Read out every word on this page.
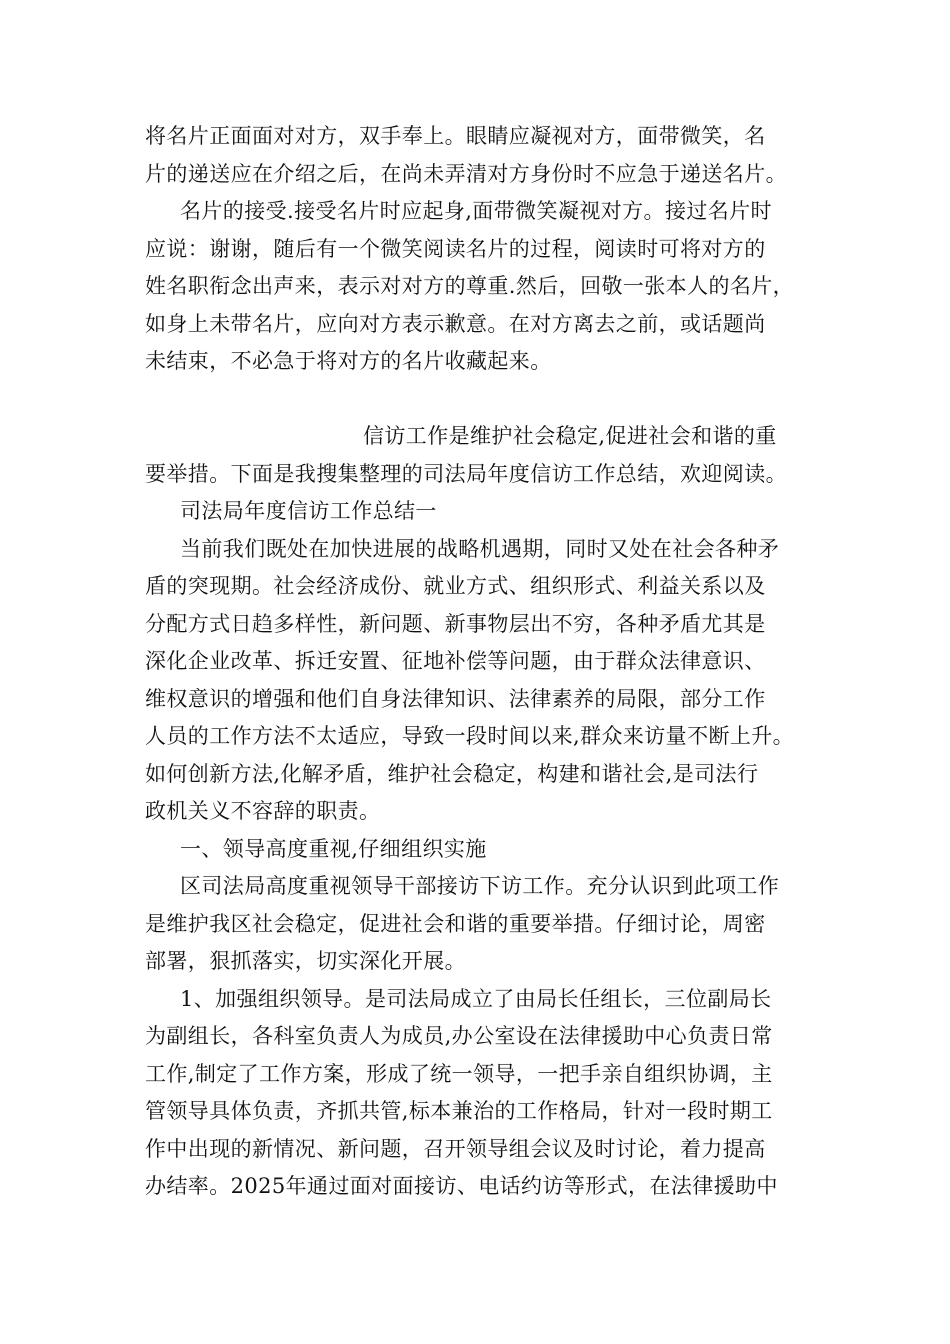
将名片正面面对对方，双手奉上。眼睛应凝视对方，面带微笑，名
片的递送应在介绍之后，在尚未弄清对方身份时不应急于递送名片。
名片的接受.接受名片时应起身,面带微笑凝视对方。接过名片时
应说：谢谢，随后有一个微笑阅读名片的过程，阅读时可将对方的
姓名职衔念出声来，表示对对方的尊重.然后，回敬一张本人的名片，
如身上未带名片，应向对方表示歉意。在对方离去之前，或话题尚
未结束，不必急于将对方的名片收藏起来。
信访工作是维护社会稳定,促进社会和谐的重
要举措。下面是我搜集整理的司法局年度信访工作总结，欢迎阅读。
司法局年度信访工作总结一
当前我们既处在加快进展的战略机遇期，同时又处在社会各种矛
盾的突现期。社会经济成份、就业方式、组织形式、利益关系以及
分配方式日趋多样性，新问题、新事物层出不穷，各种矛盾尤其是
深化企业改革、拆迁安置、征地补偿等问题，由于群众法律意识、
维权意识的增强和他们自身法律知识、法律素养的局限，部分工作
人员的工作方法不太适应，导致一段时间以来,群众来访量不断上升。
如何创新方法,化解矛盾，维护社会稳定，构建和谐社会,是司法行
政机关义不容辞的职责。
一、领导高度重视,仔细组织实施
区司法局高度重视领导干部接访下访工作。充分认识到此项工作
是维护我区社会稳定，促进社会和谐的重要举措。仔细讨论，周密
部署，狠抓落实，切实深化开展。
1、加强组织领导。是司法局成立了由局长任组长，三位副局长
为副组长，各科室负责人为成员,办公室设在法律援助中心负责日常
工作,制定了工作方案，形成了统一领导，一把手亲自组织协调，主
管领导具体负责，齐抓共管,标本兼治的工作格局，针对一段时期工
作中出现的新情况、新问题，召开领导组会议及时讨论，着力提高
办结率。2025年通过面对面接访、电话约访等形式，在法律援助中
